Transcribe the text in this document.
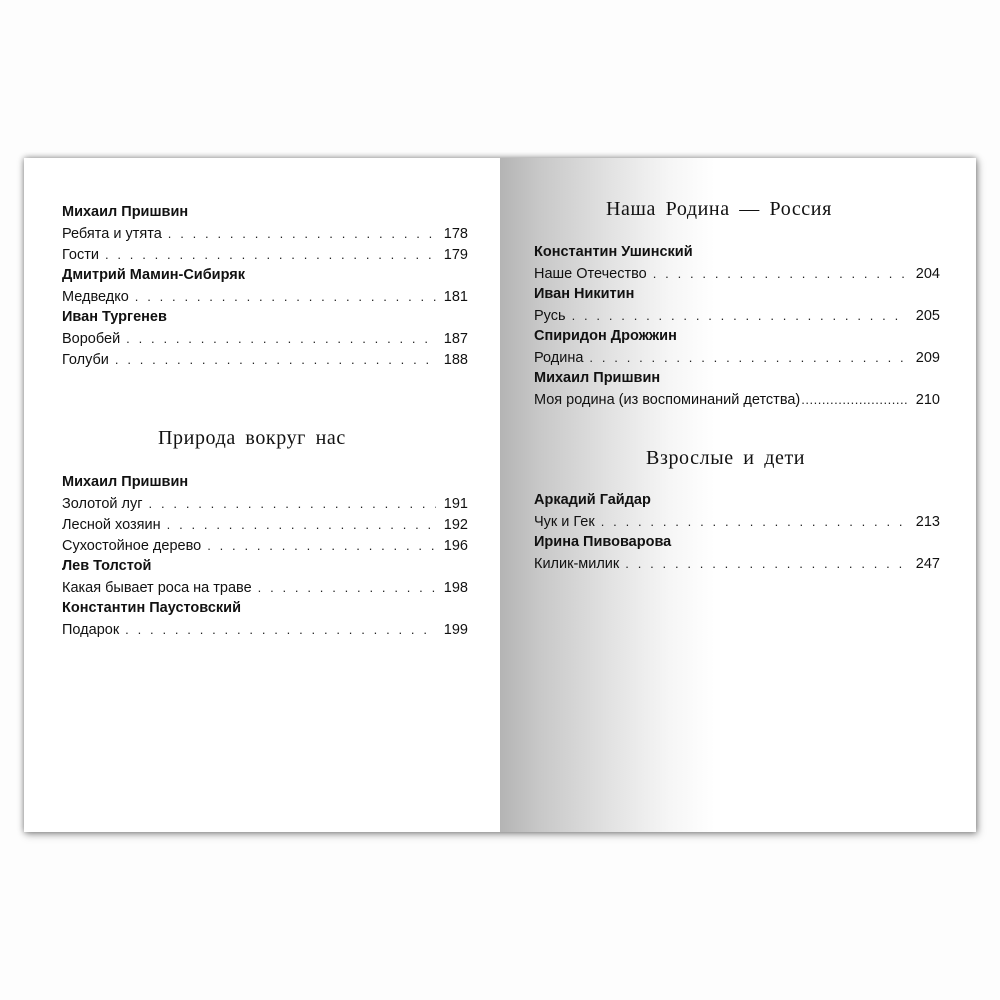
Михаил Пришвин
Ребята и утята . . .	178
Гости . . .	179
Дмитрий Мамин-Сибиряк
Медведко . . .	181
Иван Тургенев
Воробей . . .	187
Голуби . . .	188
Природа вокруг нас
Михаил Пришвин
Золотой луг . . .	191
Лесной хозяин . . .	192
Сухостойное дерево . . .	196
Лев Толстой
Какая бывает роса на траве . . .	198
Константин Паустовский
Подарок . . .	199
Наша Родина — Россия
Константин Ушинский
Наше Отечество . . .	204
Иван Никитин
Русь . . .	205
Спиридон Дрожжин
Родина . . .	209
Михаил Пришвин
Моя родина (из воспоминаний детства) .....	210
Взрослые и дети
Аркадий Гайдар
Чук и Гек . . .	213
Ирина Пивоварова
Килик-милик . . .	247
